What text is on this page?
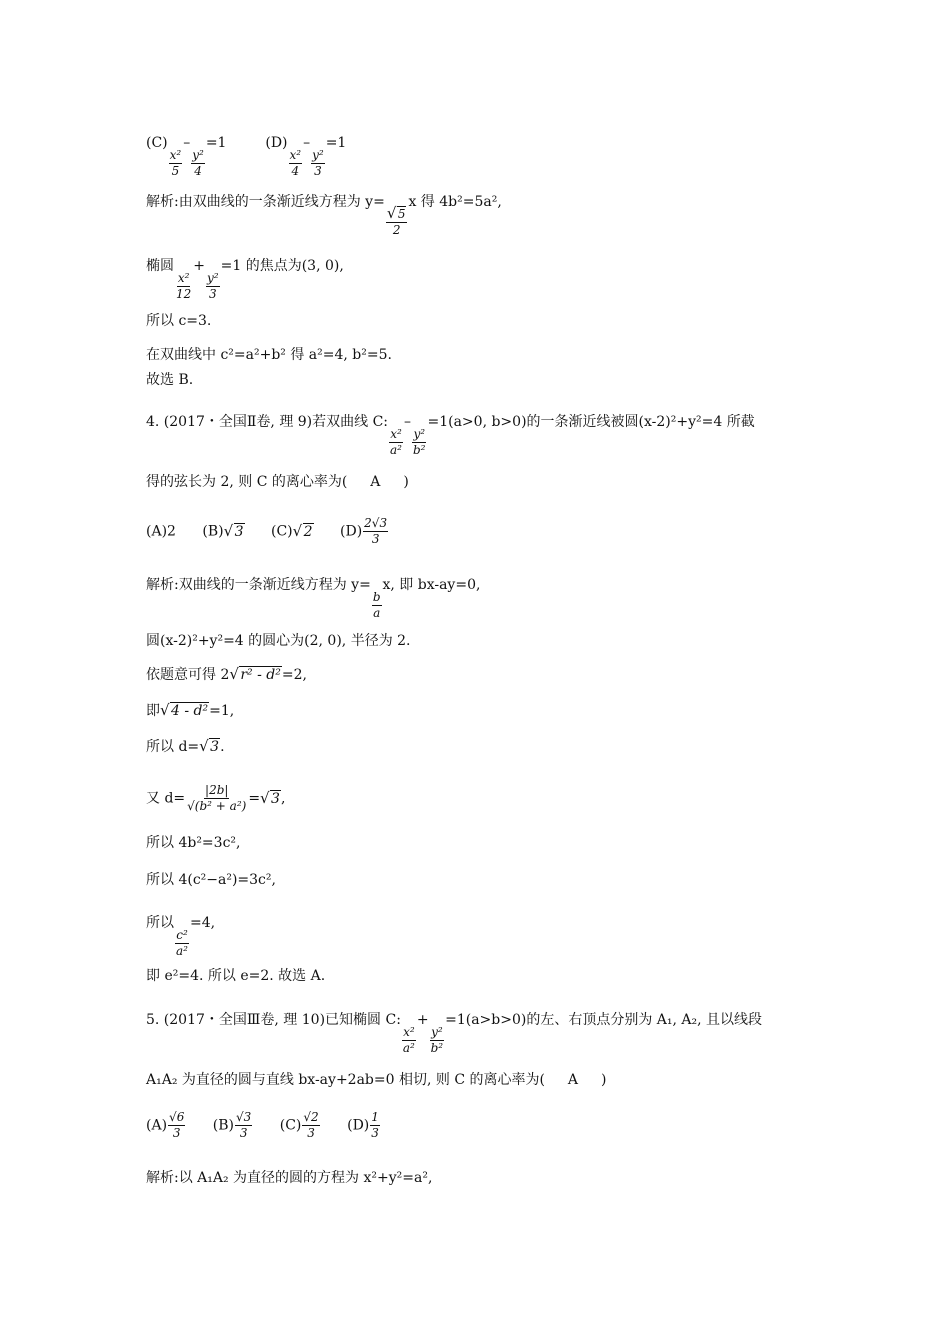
(C)
$\frac{\text{x²}}{5}$
–
$\frac{\text{y²}}{4}$
=1	(D)
$\frac{\text{x²}}{4}$
–
$\frac{\text{y²}}{3}$
=1
解析:由双曲线的一条渐近线方程为 y=
√ $\frac{5}{2}$
x 得 4b²=5a²,
椭圆
$\frac{\text{x²}}{12}$
+
$\frac{\text{y²}}{3}$
=1 的焦点为(3, 0),
所以 c=3.
在双曲线中 c²=a²+b² 得 a²=4, b²=5.
故选 B.
4. (2017・全国Ⅱ卷, 理 9)若双曲线 C:
$\frac{\text{x²}}{\text{a²}}$
–
$\frac{\text{y²}}{\text{b²}}$
=1(a>0, b>0)的一条渐近线被圆(x-2)²+y²=4 所截
得的弦长为 2, 则 C 的离心率为( A )
(A)2 (B) √ 3 (C) √ 2 $(D) \frac{2√3}{3}$
解析:双曲线的一条渐近线方程为 y=
$\frac{b}{a}$
x, 即 bx-ay=0,
圆(x-2)²+y²=4 的圆心为(2, 0), 半径为 2.
依题意可得 2 √ r² - d²=2,
即 √ 4 - d²=1,
所以 d= √ 3.
又 $d= \frac{|2b|}{\text{√(b² + a²)}}$ = √ 3,
所以 4b²=3c²,
所以 4(c²−a²)=3c²,
所以
$\frac{\text{c²}}{\text{a²}}$
=4,
即 e²=4. 所以 e=2. 故选 A.
5. (2017・全国Ⅲ卷, 理 10)已知椭圆 C:
$\frac{\text{x²}}{\text{a²}}$
+
$\frac{\text{y²}}{\text{b²}}$
=1(a>b>0)的左、右顶点分别为 A₁, A₂, 且以线段
A₁A₂ 为直径的圆与直线 bx-ay+2ab=0 相切, 则 C 的离心率为( A )
$(A) \frac{√6}{3} (B) \frac{√3}{3} (C) \frac{√2}{3} (D) \frac{1}{3}$
解析:以 A₁A₂ 为直径的圆的方程为 x²+y²=a²,
